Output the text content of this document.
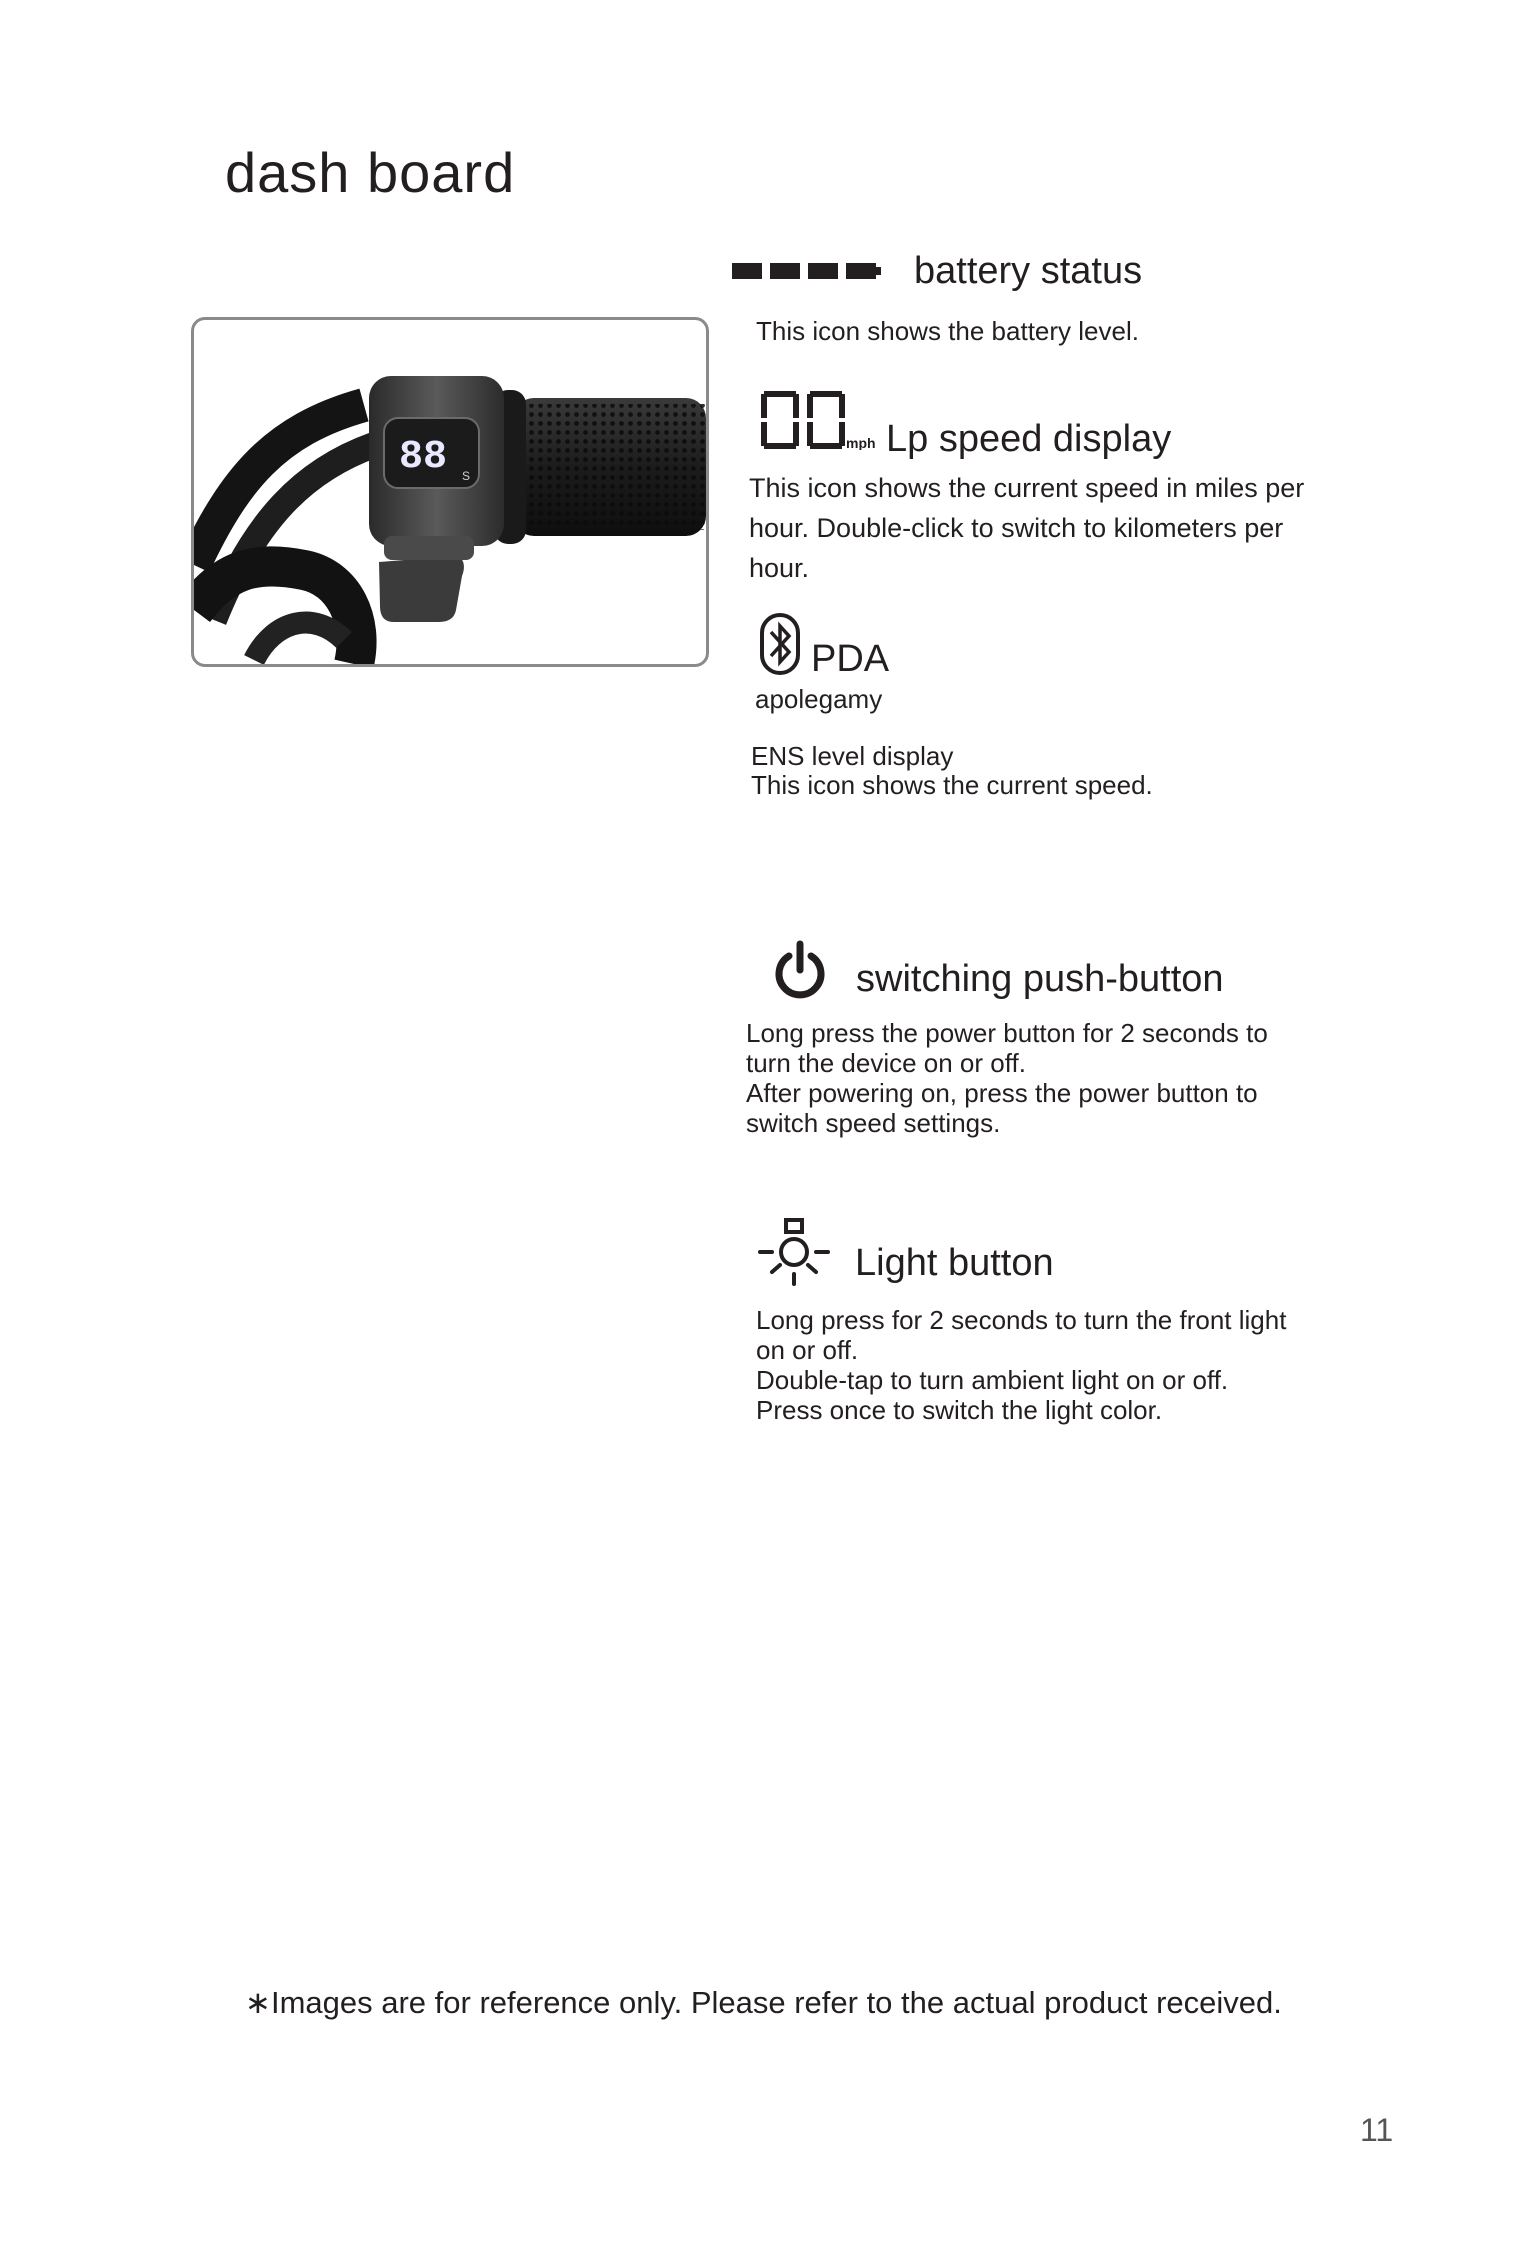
dash board
88 S
battery status
This icon shows the battery level.
mph Lp speed display
This icon shows the current speed in miles per hour. Double-click to switch to kilometers per hour.
PDA
apolegamy
ENS level display
This icon shows the current speed.
switching push-button
Long press the power button for 2 seconds to
turn the device on or off.
After powering on, press the power button to
switch speed settings.
Light button
Long press for 2 seconds to turn the front light
on or off.
Double-tap to turn ambient light on or off.
Press once to switch the light color.
∗Images are for reference only. Please refer to the actual product received.
11
